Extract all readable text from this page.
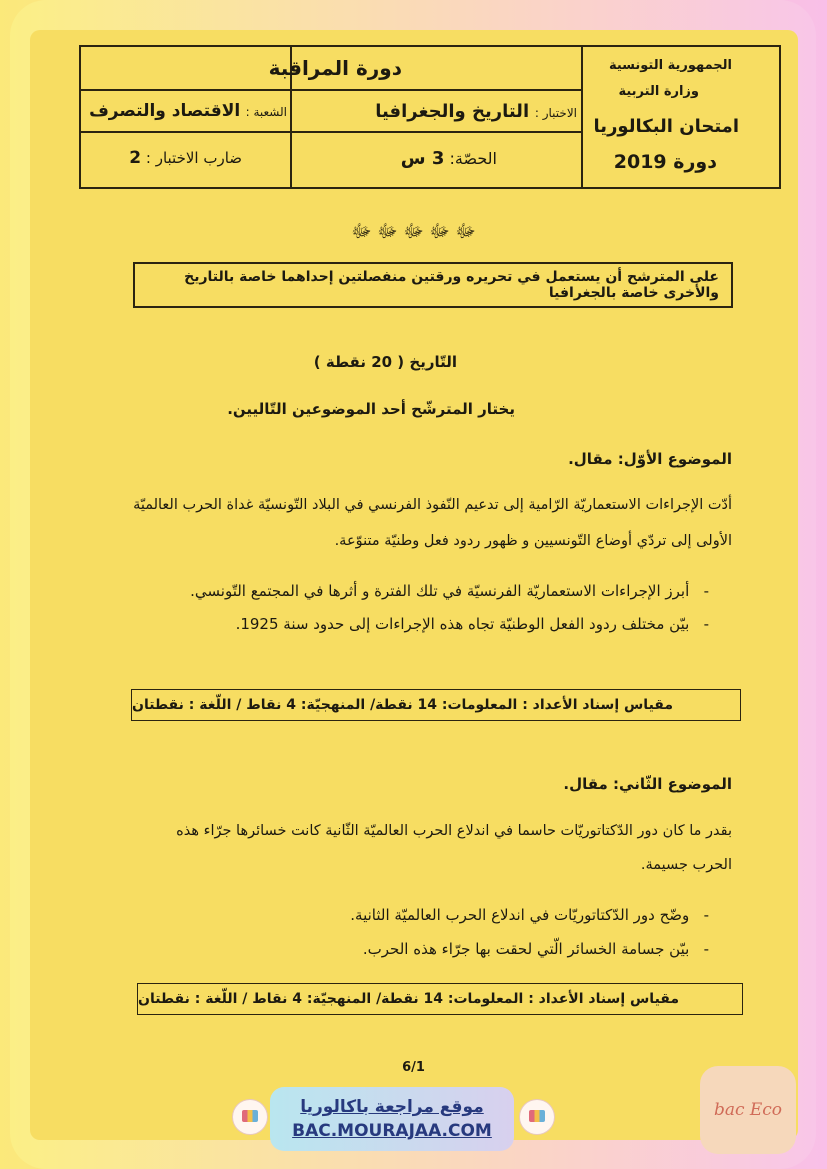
الجمهورية التونسية
وزارة التربية
امتحان البكالوريا
دورة 2019
دورة المراقبة
الاختبار : التاريخ والجغرافيا
الشعبة : الاقتصاد والتصرف
الحصّة: 3 س
ضارب الاختبار : 2
ﷻ ﷻ ﷻ ﷻ ﷻ
على المترشح أن يستعمل في تحريره ورقتين منفصلتين إحداهما خاصة بالتاريخ والأخرى خاصة بالجغرافيا
التّاريخ ( 20 نقطة )
يختار المترشّح أحد الموضوعين التّاليين.
الموضوع الأوّل: مقال.
أدّت الإجراءات الاستعماريّة الرّامية إلى تدعيم النّفوذ الفرنسي في البلاد التّونسيّة غداة الحرب العالميّة
الأولى إلى تردّي أوضاع التّونسيين و ظهور ردود فعل وطنيّة متنوّعة.
-   أبرز الإجراءات الاستعماريّة الفرنسيّة في تلك الفترة و أثرها في المجتمع التّونسي.
-   بيّن مختلف ردود الفعل الوطنيّة تجاه هذه الإجراءات إلى حدود سنة 1925.
مقياس إسناد الأعداد : المعلومات: 14 نقطة/ المنهجيّة: 4 نقاط / اللّغة : نقطتان
الموضوع الثّاني: مقال.
بقدر ما كان دور الدّكتاتوريّات حاسما في اندلاع الحرب العالميّة الثّانية كانت خسائرها جرّاء هذه
الحرب جسيمة.
-   وضّح دور الدّكتاتوريّات في اندلاع الحرب العالميّة الثانية.
-   بيّن جسامة الخسائر الّتي لحقت بها جرّاء هذه الحرب.
مقياس إسناد الأعداد : المعلومات: 14 نقطة/ المنهجيّة: 4 نقاط / اللّغة : نقطتان
6/1
موقع مراجعة باكالوريا
BAC.MOURAJAA.COM
bac Eco
